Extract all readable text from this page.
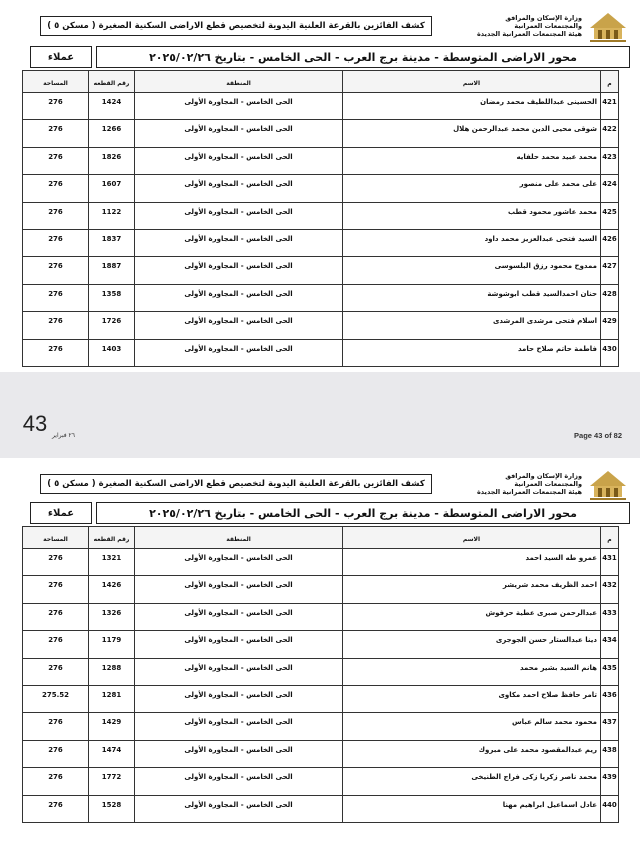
وزارة الإسكان والمرافق والمجتمعات العمرانية
هيئة المجتمعات العمرانية الجديدة
كشف الفائزين بالقرعة العلنية اليدوية لتخصيص قطع الاراضى السكنية الصغيرة ( مسكن ٥ )
محور الاراضى المتوسطة - مدينة برج العرب - الحى الخامس - بتاريخ ٢٠٢٥/٠٢/٢٦
عملاء
م	الاسم	المنطقة	رقم القطعه	المساحة
421	الحسينى عبداللطيف محمد رمضان	الحى الخامس - المجاورة الأولى	1424	276
422	شوقى محيى الدين محمد عبدالرحمن هلال	الحى الخامس - المجاورة الأولى	1266	276
423	محمد عبيد محمد حلفايه	الحى الخامس - المجاورة الأولى	1826	276
424	على محمد على منصور	الحى الخامس - المجاورة الأولى	1607	276
425	محمد عاشور محمود قطب	الحى الخامس - المجاورة الأولى	1122	276
426	السيد فتحى عبدالعزيز محمد داود	الحى الخامس - المجاورة الأولى	1837	276
427	ممدوح محمود رزق البلسوسى	الحى الخامس - المجاورة الأولى	1887	276
428	حنان احمدالسيد قطب ابوشوشة	الحى الخامس - المجاورة الأولى	1358	276
429	اسلام فتحى مرشدى المرشدى	الحى الخامس - المجاورة الأولى	1726	276
430	فاطمة حاتم صلاح حامد	الحى الخامس - المجاورة الأولى	1403	276
43 ٢٦ فبراير	Page 43 of 82
وزارة الإسكان والمرافق والمجتمعات العمرانية
هيئة المجتمعات العمرانية الجديدة
كشف الفائزين بالقرعة العلنية اليدوية لتخصيص قطع الاراضى السكنية الصغيرة ( مسكن ٥ )
محور الاراضى المتوسطة - مدينة برج العرب - الحى الخامس - بتاريخ ٢٠٢٥/٠٢/٢٦
عملاء
م	الاسم	المنطقة	رقم القطعه	المساحة
431	عمرو طه السيد احمد	الحى الخامس - المجاورة الأولى	1321	276
432	احمد الظريف محمد شريشر	الحى الخامس - المجاورة الأولى	1426	276
433	عبدالرحمن صبرى عطية حرفوش	الحى الخامس - المجاورة الأولى	1326	276
434	دينا عبدالستار حسن الجوجرى	الحى الخامس - المجاورة الأولى	1179	276
435	هانم السيد بشير محمد	الحى الخامس - المجاورة الأولى	1288	276
436	تامر حافظ صلاح احمد مكاوى	الحى الخامس - المجاورة الأولى	1281	275.52
437	محمود محمد سالم عباس	الحى الخامس - المجاورة الأولى	1429	276
438	ريم عبدالمقصود محمد على مبروك	الحى الخامس - المجاورة الأولى	1474	276
439	محمد ناصر زكريا زكى فراج الطنيخى	الحى الخامس - المجاورة الأولى	1772	276
440	عادل اسماعيل ابراهيم مهنا	الحى الخامس - المجاورة الأولى	1528	276
